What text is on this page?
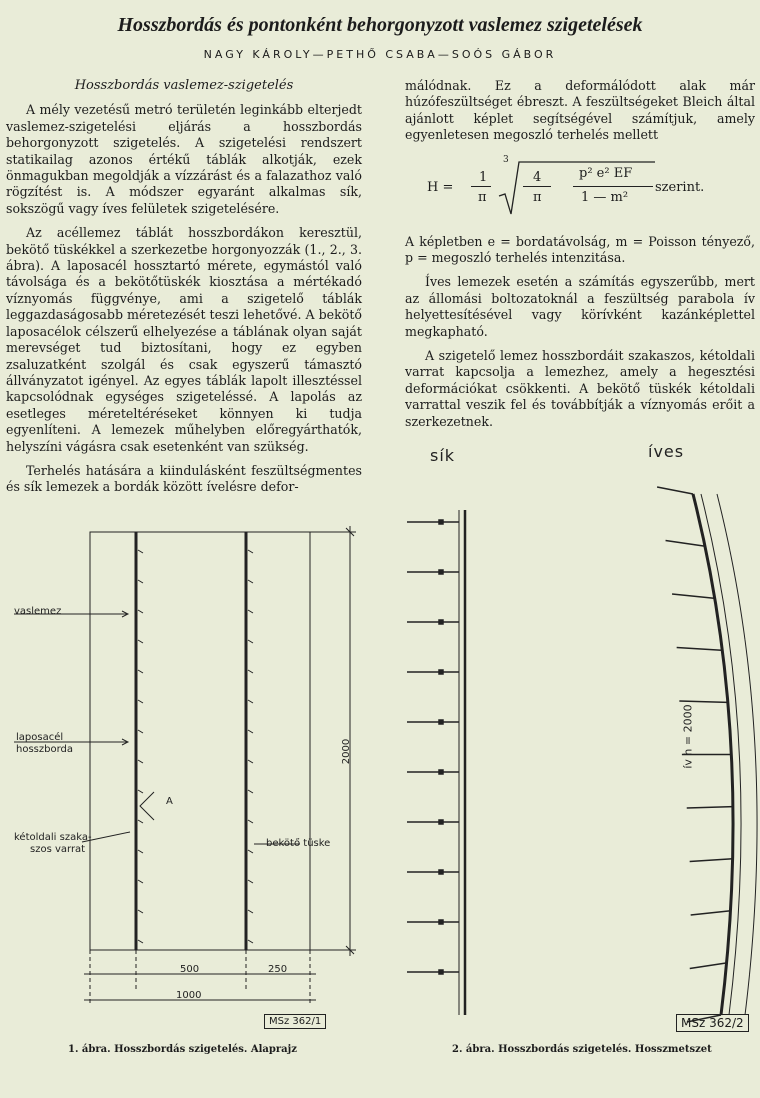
Hosszbordás és pontonként behorgonyzott vaslemez szigetelések
NAGY KÁROLY—PETHŐ CSABA—SOÓS GÁBOR
Hosszbordás vaslemez-szigetelés

A mély vezetésű metró területén leginkább elterjedt vaslemez-szigetelési eljárás a hosszbordás behorgonyzott szigetelés. A szigetelési rendszert statikailag azonos értékű táblák alkotják, ezek önmagukban megoldják a vízzárást és a falazathoz való rögzítést is. A módszer egyaránt alkalmas sík, sokszögű vagy íves felületek szigetelésére.

Az acéllemez táblát hosszbordákon keresztül, bekötő tüskékkel a szerkezetbe horgonyozzák (1., 2., 3. ábra). A laposacél hossztartó mérete, egymástól való távolsága és a bekötőtüskék kiosztása a mértékadó víznyomás függvénye, ami a szigetelő táblák leggazdaságosabb méretezését teszi lehetővé. A bekötő laposacélok célszerű elhelyezése a táblának olyan saját merevséget tud biztosítani, hogy ez egyben zsaluzatként szolgál és csak egyszerű támasztó állványzatot igényel. Az egyes táblák lapolt illesztéssel kapcsolódnak egységes szigeteléssé. A lapolás az esetleges méreteltéréseket könnyen ki tudja egyenlíteni. A lemezek műhelyben előregyárthatók, helyszíni vágásra csak esetenként van szükség.

Terhelés hatására a kiindulásként feszültségmentes és sík lemezek a bordák között ívelésre defor-

málódnak. Ez a deformálódott alak már húzófeszültséget ébreszt. A feszültségeket Bleich által ajánlott képlet segítségével számítjuk, amely egyenletesen megoszló terhelés mellett

H =
1
π
3
4
π
p² e² EF
1 — m²
szerint.

A képletben e = bordatávolság, m = Poisson tényező, p = megoszló terhelés intenzitása.

Íves lemezek esetén a számítás egyszerűbb, mert az állomási boltozatoknál a feszültség parabola ív helyettesítésével vagy körívként kazánképlettel megkapható.

A szigetelő lemez hosszbordáit szakaszos, kétoldali varrat kapcsolja a lemezhez, amely a hegesztési deformációkat csökkenti. A bekötő tüskék kétoldali varrattal veszik fel és továbbítják a víznyomás erőit a szerkezetnek.

vaslemez
laposacél
hosszborda
kétoldali szaka-
szos varrat
bekötő tüske
2000
500	250
1000
A
MSz 362/1
1. ábra. Hosszbordás szigetelés. Alaprajz
sík	íves
ív h = 2000
MSz 362/2
2. ábra. Hosszbordás szigetelés. Hosszmetszet
